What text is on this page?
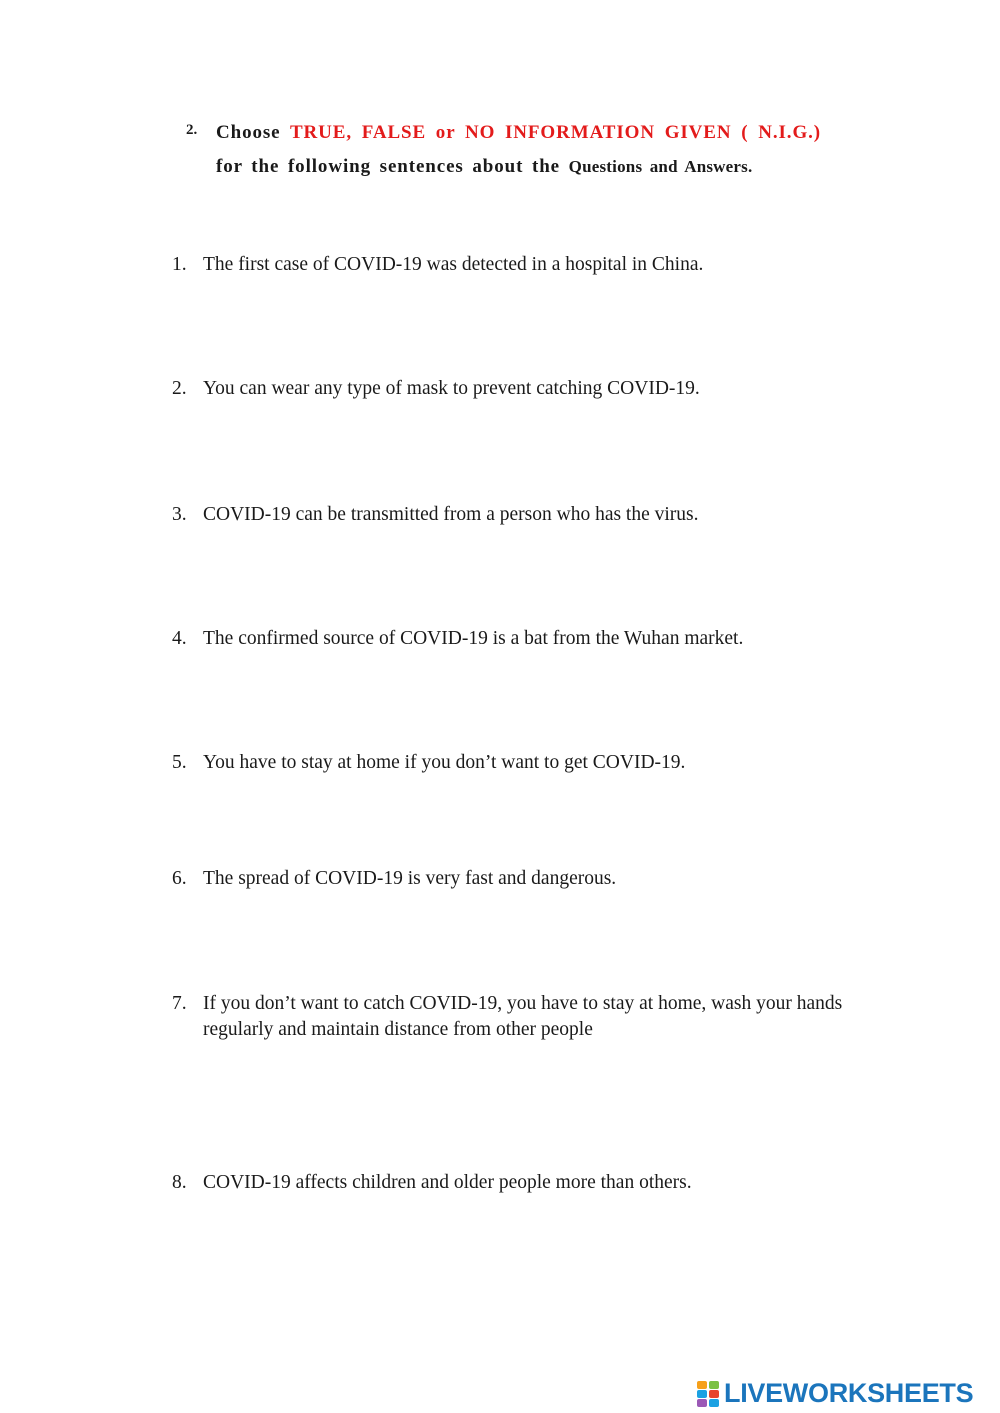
2. Choose TRUE, FALSE or NO INFORMATION GIVEN ( N.I.G.) for the following sentences about the Questions and Answers.
1. The first case of COVID-19 was detected in a hospital in China.
2. You can wear any type of mask to prevent catching COVID-19.
3. COVID-19 can be transmitted from a person who has the virus.
4. The confirmed source of COVID-19 is a bat from the Wuhan market.
5. You have to stay at home if you don’t want to get COVID-19.
6. The spread of COVID-19 is very fast and dangerous.
7. If you don’t want to catch COVID-19, you have to stay at home, wash your hands regularly and maintain distance from other people
8. COVID-19 affects children and older people more than others.
LIVEWORKSHEETS
